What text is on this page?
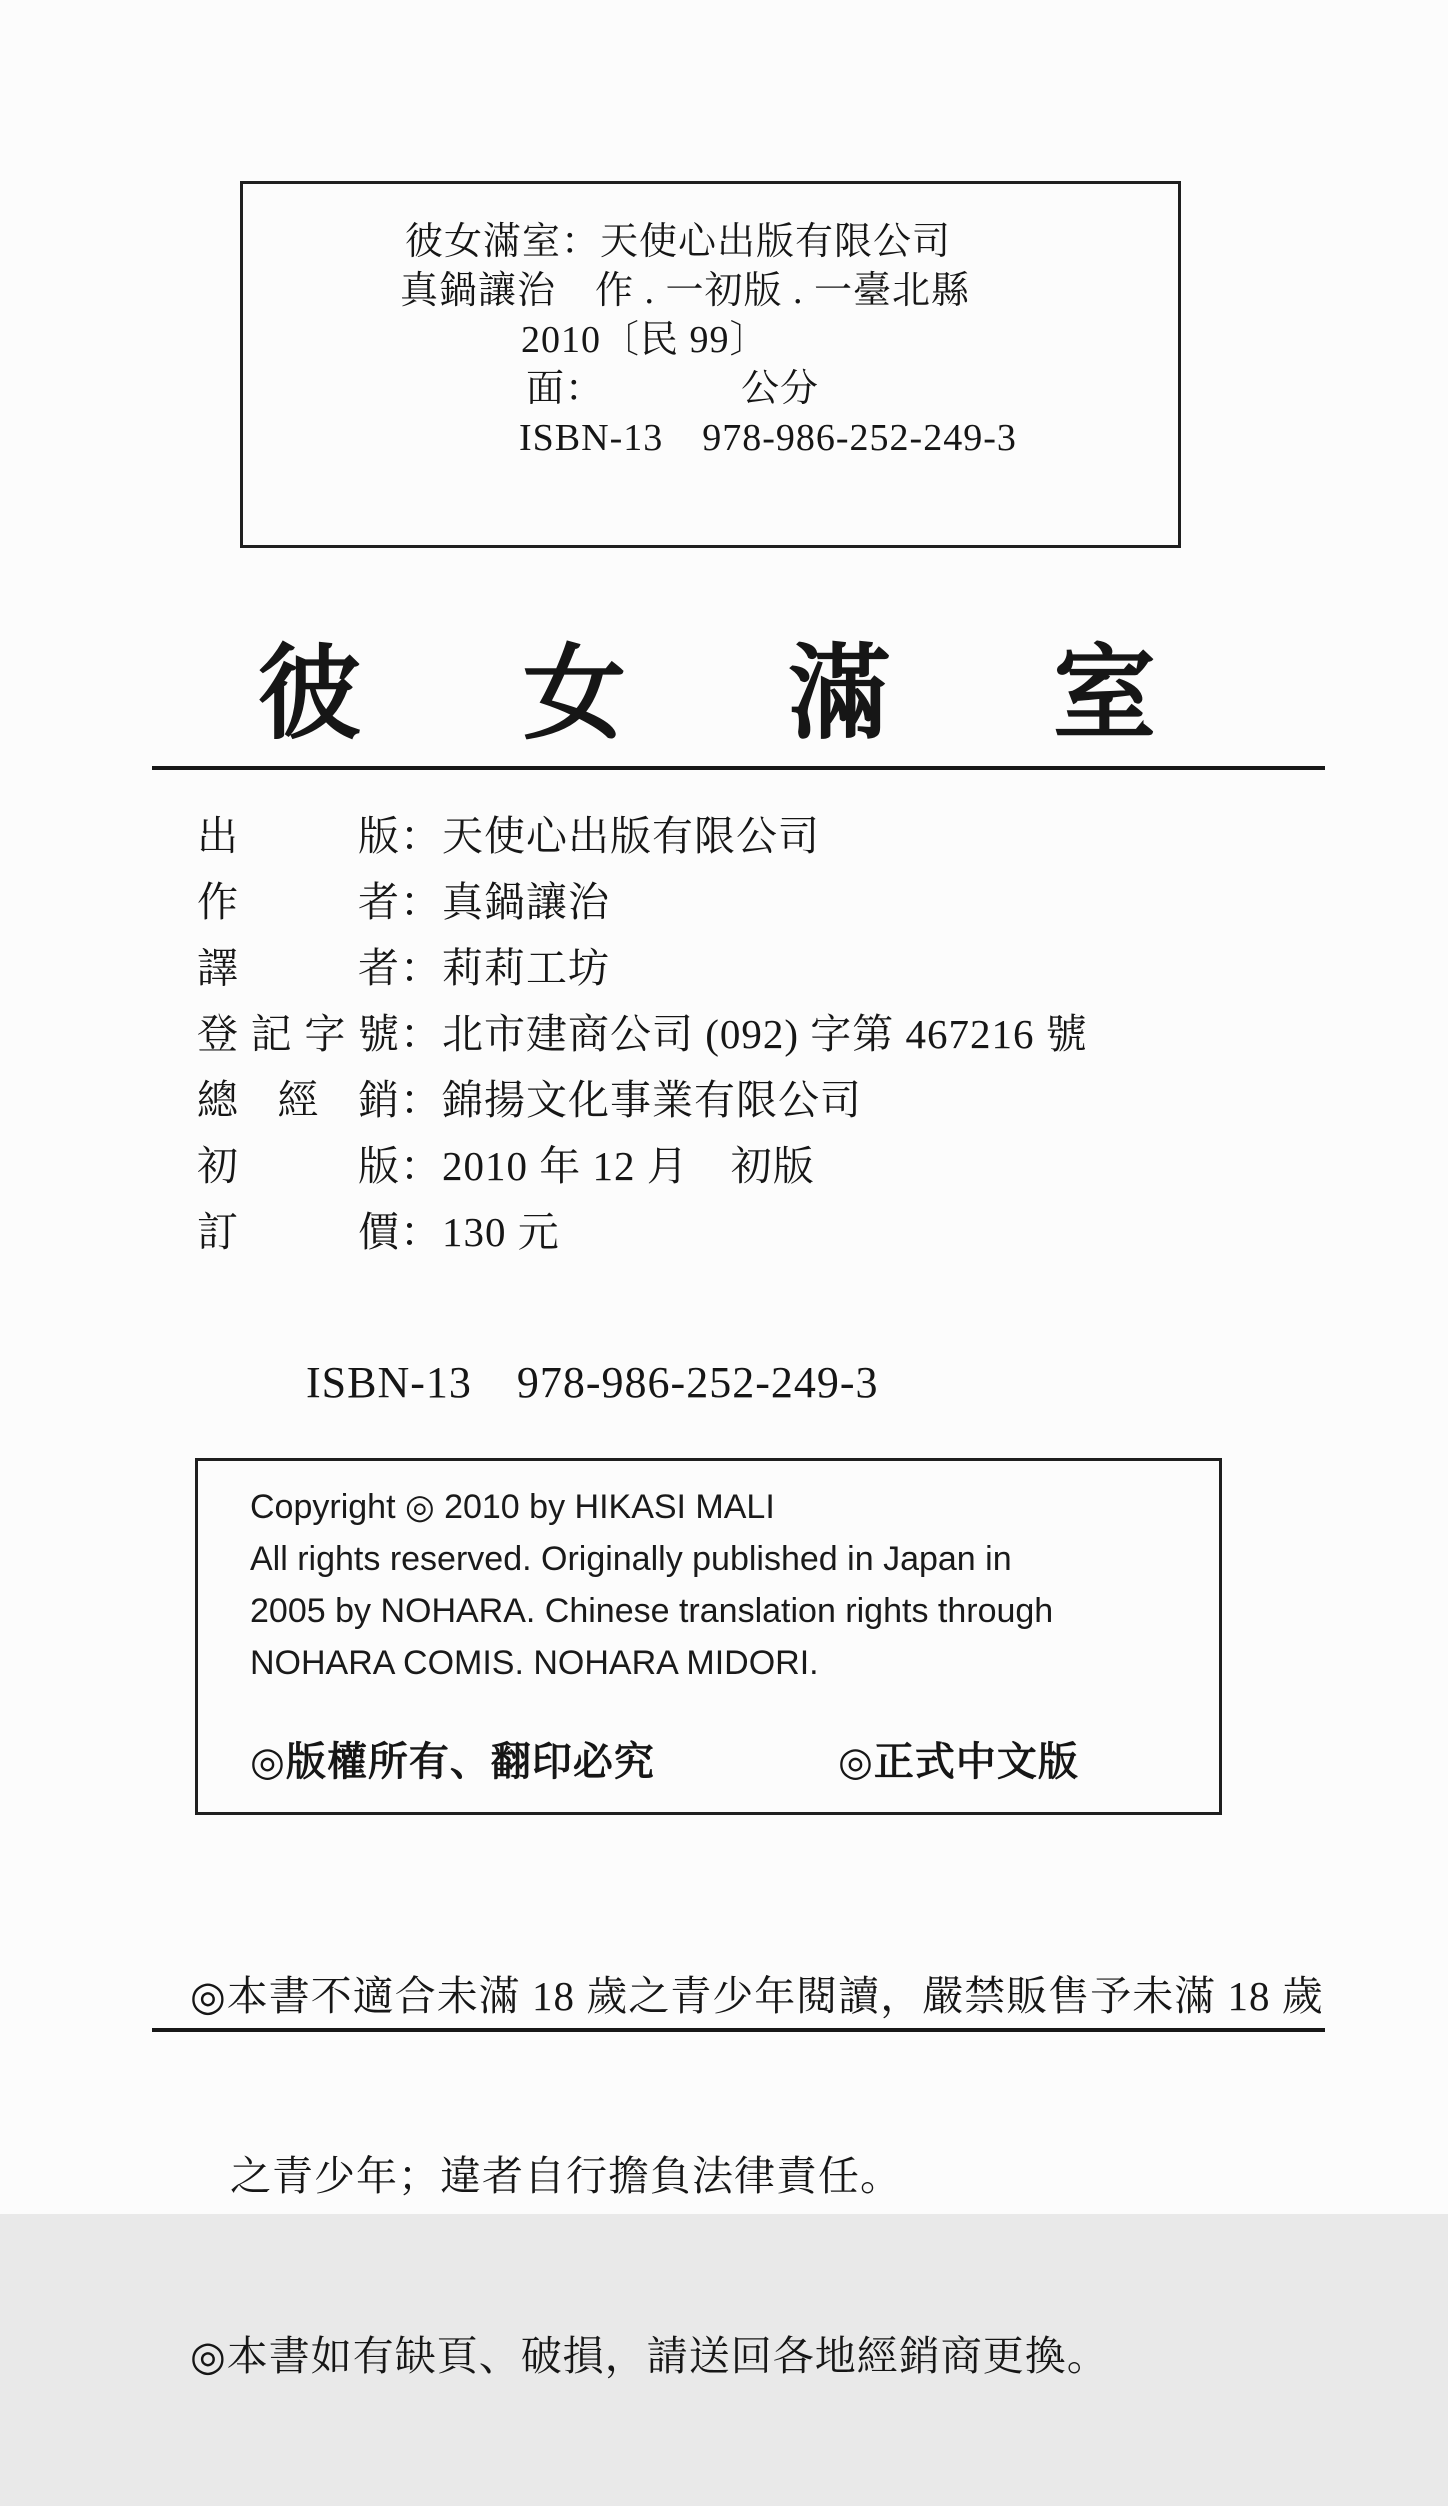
彼女滿室：天使心出版有限公司
真鍋讓治　作 . 一初版 . 一臺北縣
2010〔民 99〕
面：　　　　公分
ISBN-13　978-986-252-249-3
彼 女 滿 室
出版 ： 天使心出版有限公司
作者 ： 真鍋讓治
譯者 ： 莉莉工坊
登記字號 ： 北市建商公司 (092) 字第 467216 號
總經銷 ： 錦揚文化事業有限公司
初版 ： 2010 年 12 月　初版
訂價 ： 130 元
ISBN-13　978-986-252-249-3
Copyright ◎ 2010 by HIKASI MALI
All rights reserved. Originally published in Japan in
2005 by NOHARA. Chinese translation rights through
NOHARA COMIS. NOHARA MIDORI.
◎版權所有、翻印必究	◎正式中文版

◎本書不適合未滿 18 歲之青少年閱讀，嚴禁販售予未滿 18 歲

之青少年；違者自行擔負法律責任。

◎本書如有缺頁、破損，請送回各地經銷商更換。
